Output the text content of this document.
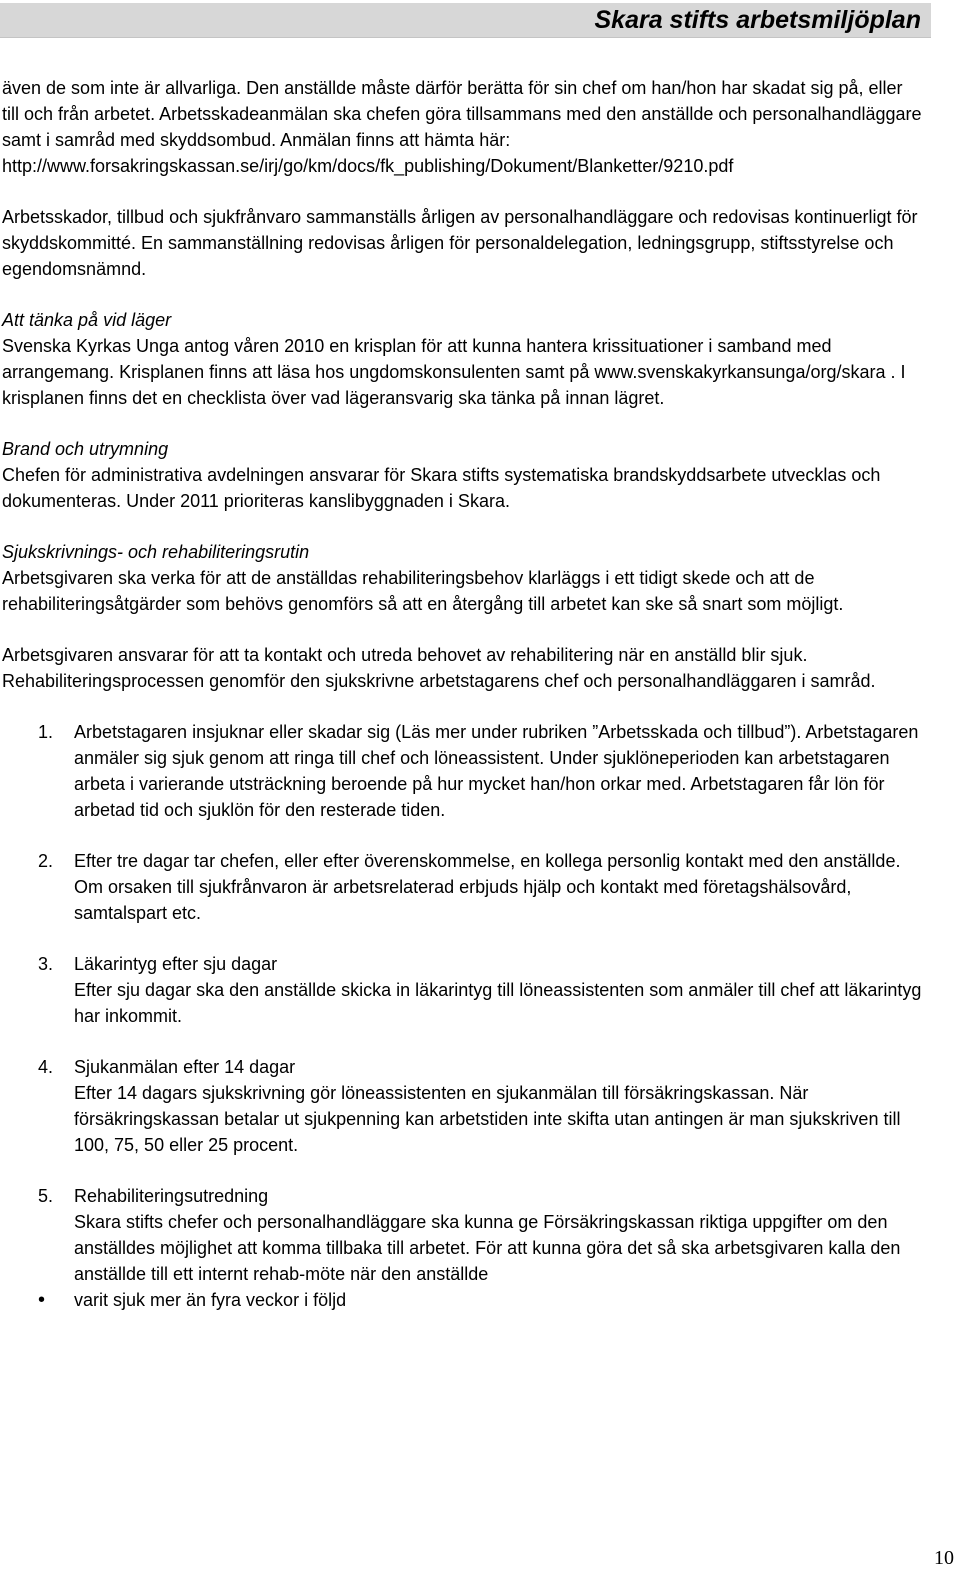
Skara stifts arbetsmiljöplan

även de som inte är allvarliga. Den anställde måste därför berätta för sin chef om han/hon har skadat sig på, eller till och från arbetet. Arbetsskadeanmälan ska chefen göra tillsammans med den anställde och personalhandläggare samt i samråd med skyddsombud. Anmälan finns att hämta här:
http://www.forsakringskassan.se/irj/go/km/docs/fk_publishing/Dokument/Blanketter/9210.pdf

Arbetsskador, tillbud och sjukfrånvaro sammanställs årligen av personalhandläggare och redovisas kontinuerligt för skyddskommitté. En sammanställning redovisas årligen för personaldelegation, ledningsgrupp, stiftsstyrelse och egendomsnämnd.

Att tänka på vid läger
Svenska Kyrkas Unga antog våren 2010 en krisplan för att kunna hantera krissituationer i samband med arrangemang. Krisplanen finns att läsa hos ungdomskonsulenten samt på www.svenskakyrkansunga/org/skara . I krisplanen finns det en checklista över vad lägeransvarig ska tänka på innan lägret.

Brand och utrymning
Chefen för administrativa avdelningen ansvarar för Skara stifts systematiska brandskyddsarbete utvecklas och dokumenteras. Under 2011 prioriteras kanslibyggnaden i Skara.

Sjukskrivnings- och rehabiliteringsrutin
Arbetsgivaren ska verka för att de anställdas rehabiliteringsbehov klarläggs i ett tidigt skede och att de rehabiliteringsåtgärder som behövs genomförs så att en återgång till arbetet kan ske så snart som möjligt.

Arbetsgivaren ansvarar för att ta kontakt och utreda behovet av rehabilitering när en anställd blir sjuk. Rehabiliteringsprocessen genomför den sjukskrivne arbetstagarens chef och personalhandläggaren i samråd.

1. Arbetstagaren insjuknar eller skadar sig (Läs mer under rubriken ”Arbetsskada och tillbud”). Arbetstagaren anmäler sig sjuk genom att ringa till chef och löneassistent. Under sjuklöneperioden kan arbetstagaren arbeta i varierande utsträckning beroende på hur mycket han/hon orkar med. Arbetstagaren får lön för arbetad tid och sjuklön för den resterade tiden.
2. Efter tre dagar tar chefen, eller efter överenskommelse, en kollega personlig kontakt med den anställde. Om orsaken till sjukfrånvaron är arbetsrelaterad erbjuds hjälp och kontakt med företagshälsovård, samtalspart etc.
3. Läkarintyg efter sju dagar
Efter sju dagar ska den anställde skicka in läkarintyg till löneassistenten som anmäler till chef att läkarintyg har inkommit.
4. Sjukanmälan efter 14 dagar
Efter 14 dagars sjukskrivning gör löneassistenten en sjukanmälan till försäkringskassan. När försäkringskassan betalar ut sjukpenning kan arbetstiden inte skifta utan antingen är man sjukskriven till 100, 75, 50 eller 25 procent.
5. Rehabiliteringsutredning
Skara stifts chefer och personalhandläggare ska kunna ge Försäkringskassan riktiga uppgifter om den anställdes möjlighet att komma tillbaka till arbetet. För att kunna göra det så ska arbetsgivaren kalla den anställde till ett internt rehab-möte när den anställde
• varit sjuk mer än fyra veckor i följd
10
